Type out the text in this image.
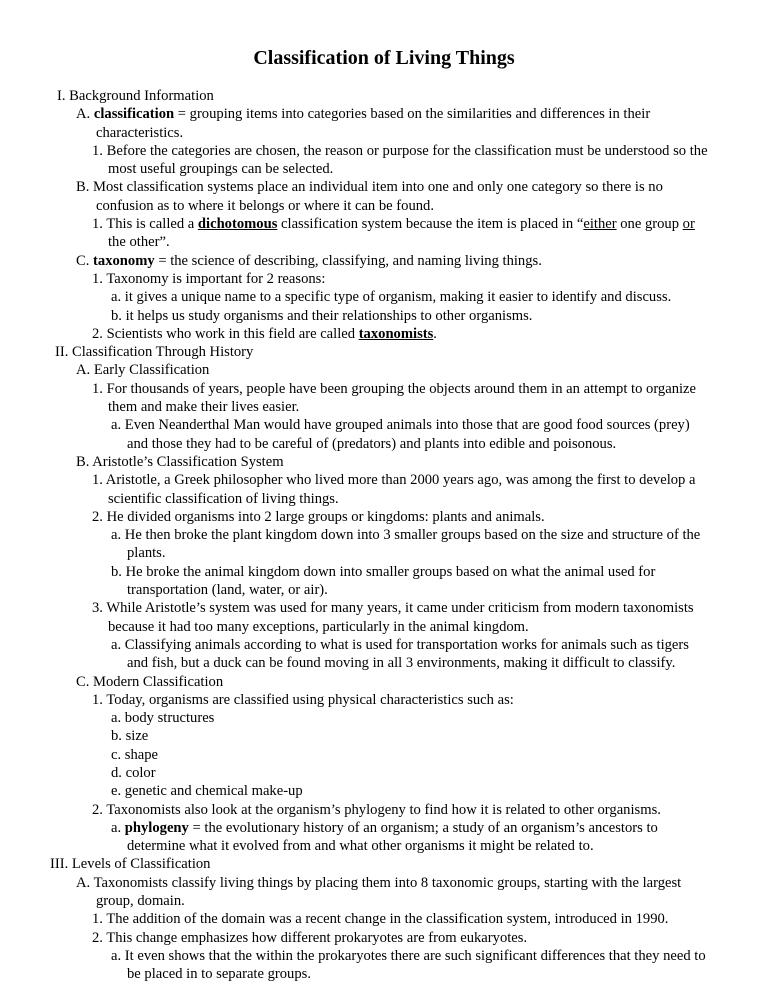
Classification of Living Things
I. Background Information
A. classification = grouping items into categories based on the similarities and differences in their characteristics.
1. Before the categories are chosen, the reason or purpose for the classification must be understood so the most useful groupings can be selected.
B. Most classification systems place an individual item into one and only one category so there is no confusion as to where it belongs or where it can be found.
1. This is called a dichotomous classification system because the item is placed in “either one group or the other”.
C. taxonomy = the science of describing, classifying, and naming living things.
1. Taxonomy is important for 2 reasons:
a. it gives a unique name to a specific type of organism, making it easier to identify and discuss.
b. it helps us study organisms and their relationships to other organisms.
2. Scientists who work in this field are called taxonomists.
II. Classification Through History
A. Early Classification
1. For thousands of years, people have been grouping the objects around them in an attempt to organize them and make their lives easier.
a. Even Neanderthal Man would have grouped animals into those that are good food sources (prey) and those they had to be careful of (predators) and plants into edible and poisonous.
B. Aristotle’s Classification System
1. Aristotle, a Greek philosopher who lived more than 2000 years ago, was among the first to develop a scientific classification of living things.
2. He divided organisms into 2 large groups or kingdoms: plants and animals.
a. He then broke the plant kingdom down into 3 smaller groups based on the size and structure of the plants.
b. He broke the animal kingdom down into smaller groups based on what the animal used for transportation (land, water, or air).
3. While Aristotle’s system was used for many years, it came under criticism from modern taxonomists because it had too many exceptions, particularly in the animal kingdom.
a. Classifying animals according to what is used for transportation works for animals such as tigers and fish, but a duck can be found moving in all 3 environments, making it difficult to classify.
C. Modern Classification
1. Today, organisms are classified using physical characteristics such as:
a. body structures
b. size
c. shape
d. color
e. genetic and chemical make-up
2. Taxonomists also look at the organism’s phylogeny to find how it is related to other organisms.
a. phylogeny = the evolutionary history of an organism; a study of an organism’s ancestors to determine what it evolved from and what other organisms it might be related to.
III. Levels of Classification
A. Taxonomists classify living things by placing them into 8 taxonomic groups, starting with the largest group, domain.
1. The addition of the domain was a recent change in the classification system, introduced in 1990.
2. This change emphasizes how different prokaryotes are from eukaryotes.
a. It even shows that the within the prokaryotes there are such significant differences that they need to be placed in to separate groups.
